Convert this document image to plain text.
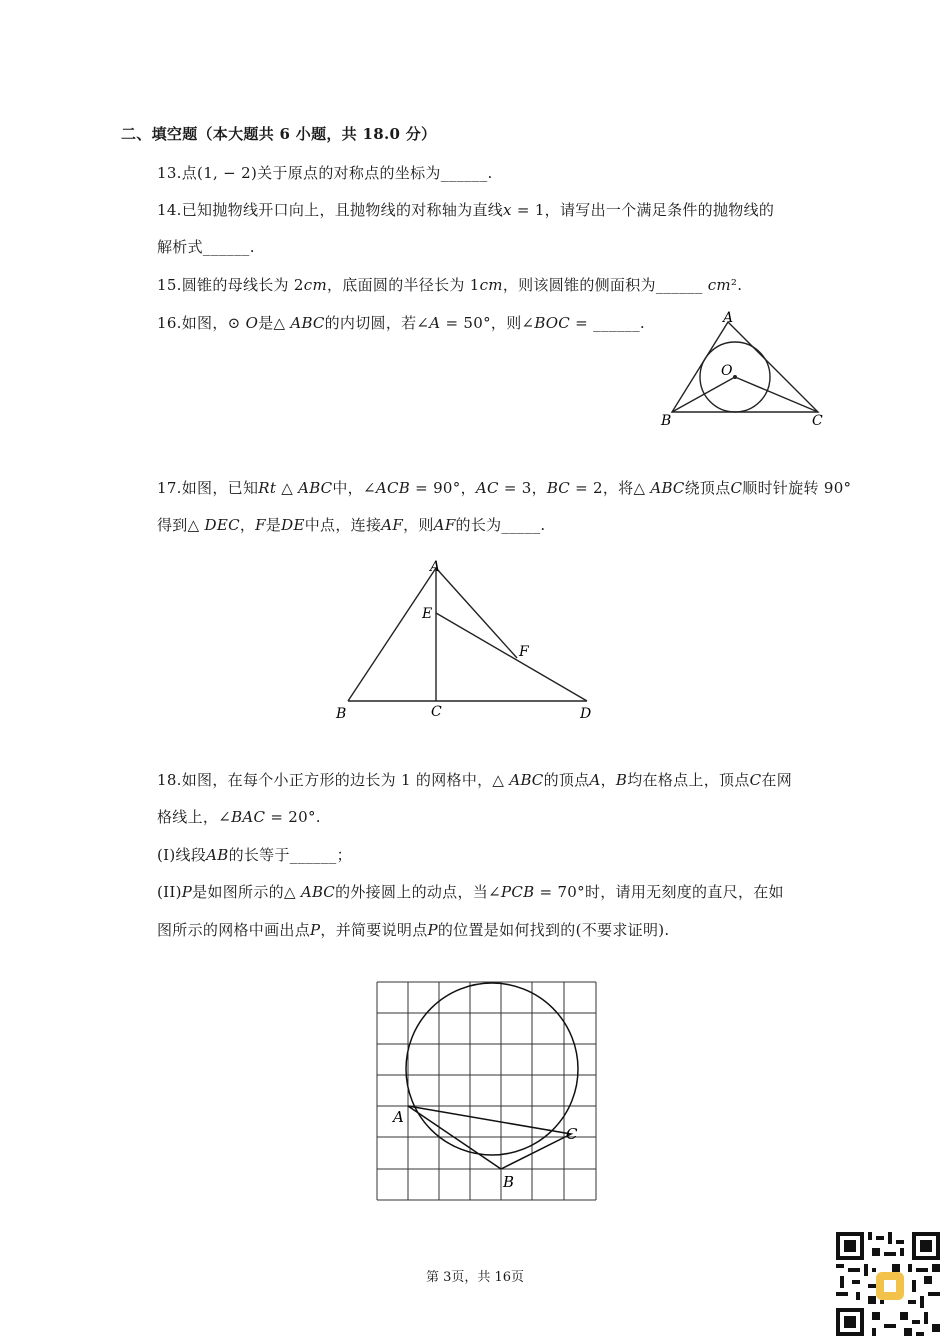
二、填空题（本大题共 6 小题，共 18.0 分）
13.点(1, − 2)关于原点的对称点的坐标为______.
14.已知抛物线开口向上，且抛物线的对称轴为直线𝑥 = 1，请写出一个满足条件的抛物线的
解析式______.
15.圆锥的母线长为 2𝑐𝑚，底面圆的半径长为 1𝑐𝑚，则该圆锥的侧面积为______ 𝑐𝑚².
16.如图，⊙ 𝑂是△ 𝐴𝐵𝐶的内切圆，若∠𝐴 = 50°，则∠𝐵𝑂𝐶 = ______.	A
O
B	C
17.如图，已知𝑅𝑡 △ 𝐴𝐵𝐶中，∠𝐴𝐶𝐵 = 90°，𝐴𝐶 = 3，𝐵𝐶 = 2，将△ 𝐴𝐵𝐶绕顶点𝐶顺时针旋转 90°
得到△ 𝐷𝐸𝐶，𝐹是𝐷𝐸中点，连接𝐴𝐹，则𝐴𝐹的长为_____.
A
E
F
B	C	D
18.如图，在每个小正方形的边长为 1 的网格中，△ 𝐴𝐵𝐶的顶点𝐴，𝐵均在格点上，顶点𝐶在网
格线上，∠𝐵𝐴𝐶 = 20°.
(I)线段𝐴𝐵的长等于______；
(II)𝑃是如图所示的△ 𝐴𝐵𝐶的外接圆上的动点，当∠𝑃𝐶𝐵 = 70°时，请用无刻度的直尺，在如
图所示的网格中画出点𝑃，并简要说明点𝑃的位置是如何找到的(不要求证明).
A
B
C
第 3页，共 16页
